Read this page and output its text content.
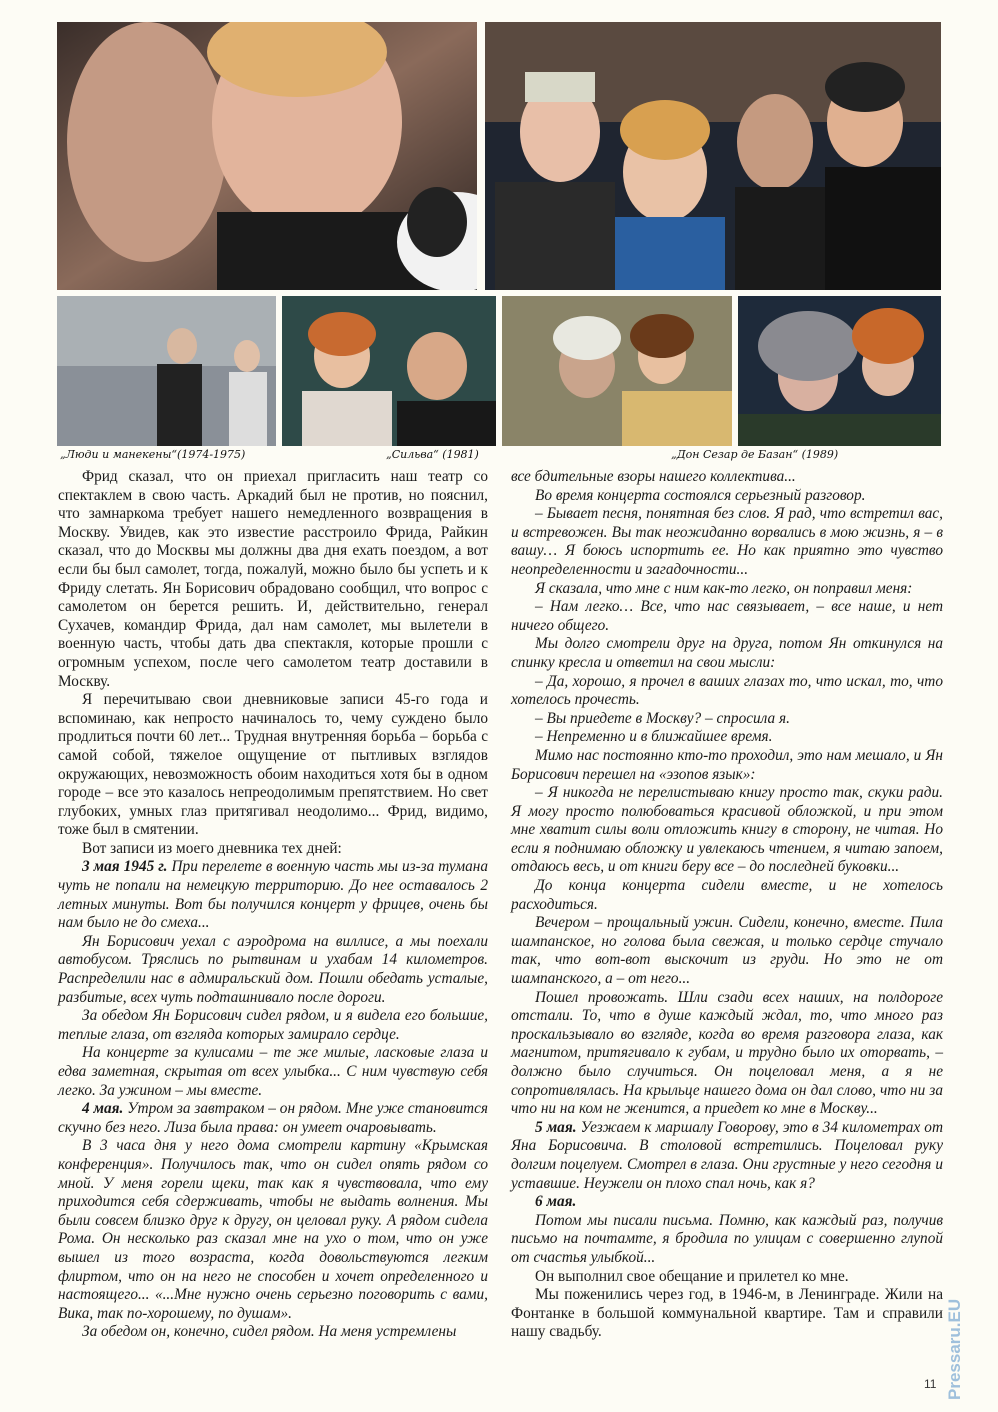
„Люди и манекены“(1974-1975)	„Сильва“ (1981)	„Дон Сезар де Базан“ (1989)

Фрид сказал, что он приехал пригласить наш театр со спектаклем в свою часть. Аркадий был не против, но пояснил, что замнаркома требует нашего немедленного возвращения в Москву. Увидев, как это известие расстроило Фрида, Райкин сказал, что до Москвы мы должны два дня ехать поездом, а вот если бы был самолет, тогда, пожалуй, можно было бы успеть и к Фриду слетать. Ян Борисович обрадовано сообщил, что вопрос с самолетом он берется решить. И, действительно, генерал Сухачев, командир Фрида, дал нам самолет, мы вылетели в военную часть, чтобы дать два спектакля, которые прошли с огромным успехом, после чего самолетом театр доставили в Москву.

Я перечитываю свои дневниковые записи 45-го года и вспоминаю, как непросто начиналось то, чему суждено было продлиться почти 60 лет... Трудная внутренняя борьба – борьба с самой собой, тяжелое ощущение от пытливых взглядов окружающих, невозможность обоим находиться хотя бы в одном городе – все это казалось непреодолимым препятствием. Но свет глубоких, умных глаз притягивал неодолимо... Фрид, видимо, тоже был в смятении.

Вот записи из моего дневника тех дней:

3 мая 1945 г. При перелете в военную часть мы из-за тумана чуть не попали на немецкую территорию. До нее оставалось 2 летных минуты. Вот бы получился концерт у фрицев, очень бы нам было не до смеха...

Ян Борисович уехал с аэродрома на виллисе, а мы поехали автобусом. Тряслись по рытвинам и ухабам 14 километров. Распределили нас в адмиральский дом. Пошли обедать усталые, разбитые, всех чуть подташнивало после дороги.

За обедом Ян Борисович сидел рядом, и я видела его большие, теплые глаза, от взгляда которых замирало сердце.

На концерте за кулисами – те же милые, ласковые глаза и едва заметная, скрытая от всех улыбка... С ним чувствую себя легко. За ужином – мы вместе.

4 мая. Утром за завтраком – он рядом. Мне уже становится скучно без него. Лиза была права: он умеет очаровывать.

В 3 часа дня у него дома смотрели картину «Крымская конференция». Получилось так, что он сидел опять рядом со мной. У меня горели щеки, так как я чувствовала, что ему приходится себя сдерживать, чтобы не выдать волнения. Мы были совсем близко друг к другу, он целовал руку. А рядом сидела Рома. Он несколько раз сказал мне на ухо о том, что он уже вышел из того возраста, когда довольствуются легким флиртом, что он на него не способен и хочет определенного и настоящего... «...Мне нужно очень серьезно поговорить с вами, Вика, так по-хорошему, по душам».

За обедом он, конечно, сидел рядом. На меня устремлены

все бдительные взоры нашего коллектива...

Во время концерта состоялся серьезный разговор.

– Бывает песня, понятная без слов. Я рад, что встретил вас, и встревожен. Вы так неожиданно ворвались в мою жизнь, я – в вашу… Я боюсь испортить ее. Но как приятно это чувство неопределенности и загадочности...

Я сказала, что мне с ним как-то легко, он поправил меня:

– Нам легко… Все, что нас связывает, – все наше, и нет ничего общего.

Мы долго смотрели друг на друга, потом Ян откинулся на спинку кресла и ответил на свои мысли:

– Да, хорошо, я прочел в ваших глазах то, что искал, то, что хотелось прочесть.

– Вы приедете в Москву? – спросила я.

– Непременно и в ближайшее время.

Мимо нас постоянно кто-то проходил, это нам мешало, и Ян Борисович перешел на «эзопов язык»:

– Я никогда не перелистываю книгу просто так, скуки ради. Я могу просто полюбоваться красивой обложкой, и при этом мне хватит силы воли отложить книгу в сторону, не читая. Но если я поднимаю обложку и увлекаюсь чтением, я читаю запоем, отдаюсь весь, и от книги беру все – до последней буковки...

До конца концерта сидели вместе, и не хотелось расходиться.

Вечером – прощальный ужин. Сидели, конечно, вместе. Пила шампанское, но голова была свежая, и только сердце стучало так, что вот-вот выскочит из груди. Но это не от шампанского, а – от него...

Пошел провожать. Шли сзади всех наших, на полдороге отстали. То, что в душе каждый ждал, то, что много раз проскальзывало во взгляде, когда во время разговора глаза, как магнитом, притягивало к губам, и трудно было их оторвать, – должно было случиться. Он поцеловал меня, а я не сопротивлялась. На крыльце нашего дома он дал слово, что ни за что ни на ком не женится, а приедет ко мне в Москву...

5 мая. Уезжаем к маршалу Говорову, это в 34 километрах от Яна Борисовича. В столовой встретились. Поцеловал руку долгим поцелуем. Смотрел в глаза. Они грустные у него сегодня и уставшие. Неужели он плохо спал ночь, как я?

6 мая.

Потом мы писали письма. Помню, как каждый раз, получив письмо на почтамте, я бродила по улицам с совершенно глупой от счастья улыбкой...

Он выполнил свое обещание и прилетел ко мне.

Мы поженились через год, в 1946-м, в Ленинграде. Жили на Фонтанке в большой коммунальной квартире. Там и справили нашу свадьбу.

11 Pressaru.EU
